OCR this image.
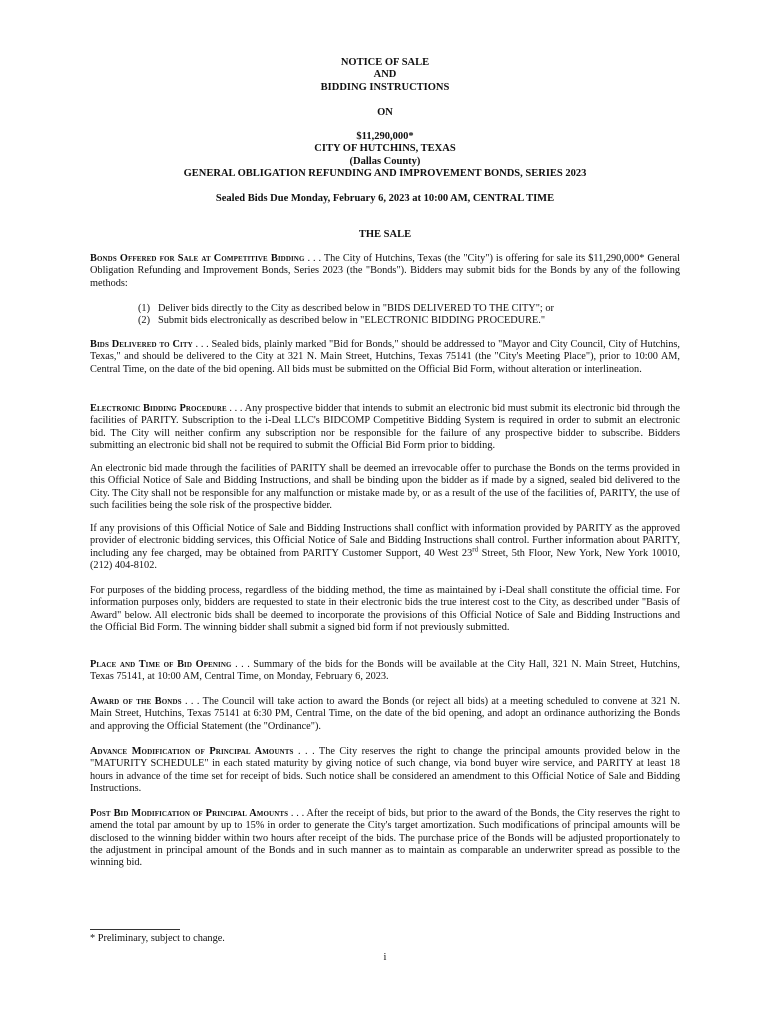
NOTICE OF SALE
AND
BIDDING INSTRUCTIONS
ON
$11,290,000*
CITY OF HUTCHINS, TEXAS
(Dallas County)
GENERAL OBLIGATION REFUNDING AND IMPROVEMENT BONDS, SERIES 2023
Sealed Bids Due Monday, February 6, 2023 at 10:00 AM, CENTRAL TIME
THE SALE
Bonds Offered for Sale at Competitive Bidding . . . The City of Hutchins, Texas (the "City") is offering for sale its $11,290,000* General Obligation Refunding and Improvement Bonds, Series 2023 (the "Bonds"). Bidders may submit bids for the Bonds by any of the following methods:
(1) Deliver bids directly to the City as described below in "BIDS DELIVERED TO THE CITY"; or
(2) Submit bids electronically as described below in "ELECTRONIC BIDDING PROCEDURE."
Bids Delivered to City . . . Sealed bids, plainly marked "Bid for Bonds," should be addressed to "Mayor and City Council, City of Hutchins, Texas," and should be delivered to the City at 321 N. Main Street, Hutchins, Texas 75141 (the "City's Meeting Place"), prior to 10:00 AM, Central Time, on the date of the bid opening. All bids must be submitted on the Official Bid Form, without alteration or interlineation.
Electronic Bidding Procedure . . . Any prospective bidder that intends to submit an electronic bid must submit its electronic bid through the facilities of PARITY. Subscription to the i-Deal LLC's BIDCOMP Competitive Bidding System is required in order to submit an electronic bid. The City will neither confirm any subscription nor be responsible for the failure of any prospective bidder to subscribe. Bidders submitting an electronic bid shall not be required to submit the Official Bid Form prior to bidding.
An electronic bid made through the facilities of PARITY shall be deemed an irrevocable offer to purchase the Bonds on the terms provided in this Official Notice of Sale and Bidding Instructions, and shall be binding upon the bidder as if made by a signed, sealed bid delivered to the City. The City shall not be responsible for any malfunction or mistake made by, or as a result of the use of the facilities of, PARITY, the use of such facilities being the sole risk of the prospective bidder.
If any provisions of this Official Notice of Sale and Bidding Instructions shall conflict with information provided by PARITY as the approved provider of electronic bidding services, this Official Notice of Sale and Bidding Instructions shall control. Further information about PARITY, including any fee charged, may be obtained from PARITY Customer Support, 40 West 23rd Street, 5th Floor, New York, New York 10010, (212) 404-8102.
For purposes of the bidding process, regardless of the bidding method, the time as maintained by i-Deal shall constitute the official time. For information purposes only, bidders are requested to state in their electronic bids the true interest cost to the City, as described under "Basis of Award" below. All electronic bids shall be deemed to incorporate the provisions of this Official Notice of Sale and Bidding Instructions and the Official Bid Form. The winning bidder shall submit a signed bid form if not previously submitted.
Place and Time of Bid Opening . . . Summary of the bids for the Bonds will be available at the City Hall, 321 N. Main Street, Hutchins, Texas 75141, at 10:00 AM, Central Time, on Monday, February 6, 2023.
Award of the Bonds . . . The Council will take action to award the Bonds (or reject all bids) at a meeting scheduled to convene at 321 N. Main Street, Hutchins, Texas 75141 at 6:30 PM, Central Time, on the date of the bid opening, and adopt an ordinance authorizing the Bonds and approving the Official Statement (the "Ordinance").
Advance Modification of Principal Amounts . . . The City reserves the right to change the principal amounts provided below in the "MATURITY SCHEDULE" in each stated maturity by giving notice of such change, via bond buyer wire service, and PARITY at least 18 hours in advance of the time set for receipt of bids. Such notice shall be considered an amendment to this Official Notice of Sale and Bidding Instructions.
Post Bid Modification of Principal Amounts . . . After the receipt of bids, but prior to the award of the Bonds, the City reserves the right to amend the total par amount by up to 15% in order to generate the City's target amortization. Such modifications of principal amounts will be disclosed to the winning bidder within two hours after receipt of the bids. The purchase price of the Bonds will be adjusted proportionately to the adjustment in principal amount of the Bonds and in such manner as to maintain as comparable an underwriter spread as possible to the winning bid.
* Preliminary, subject to change.
i
